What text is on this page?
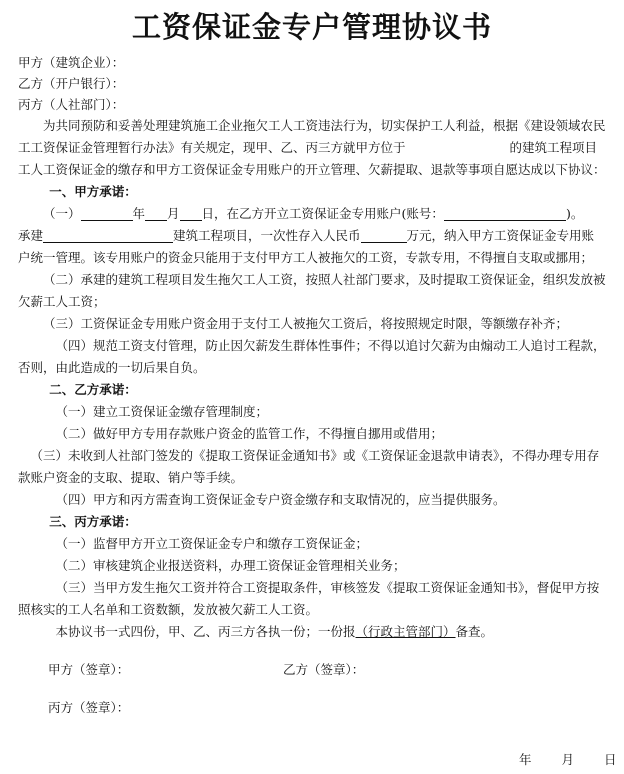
工资保证金专户管理协议书
甲方（建筑企业）：
乙方（开户银行）：
丙方（人社部门）：

为共同预防和妥善处理建筑施工企业拖欠工人工资违法行为，切实保护工人利益，根据《建设领域农民工工资保证金管理暂行办法》有关规定，现甲、乙、丙三方就甲方位于	的建筑工程项目工人工资保证金的缴存和甲方工资保证金专用账户的开立管理、欠薪提取、退款等事项自愿达成以下协议：

一、甲方承诺：

（一）	年 月 日，在乙方开立工资保证金专用账户(账号：	)。

承建	建筑工程项目，一次性存入人民币	万元，纳入甲方工资保证金专用账户统一管理。该专用账户的资金只能用于支付甲方工人被拖欠的工资，专款专用，不得擅自支取或挪用；

（二）承建的建筑工程项目发生拖欠工人工资，按照人社部门要求，及时提取工资保证金，组织发放被欠薪工人工资；

（三）工资保证金专用账户资金用于支付工人被拖欠工资后，将按照规定时限，等额缴存补齐；

（四）规范工资支付管理，防止因欠薪发生群体性事件；不得以追讨欠薪为由煽动工人追讨工程款，否则，由此造成的一切后果自负。

二、乙方承诺：

（一）建立工资保证金缴存管理制度；

（二）做好甲方专用存款账户资金的监管工作，不得擅自挪用或借用；

（三）未收到人社部门签发的《提取工资保证金通知书》或《工资保证金退款申请表》，不得办理专用存款账户资金的支取、提取、销户等手续。

（四）甲方和丙方需查询工资保证金专户资金缴存和支取情况的，应当提供服务。

三、丙方承诺：

（一）监督甲方开立工资保证金专户和缴存工资保证金；

（二）审核建筑企业报送资料，办理工资保证金管理相关业务；

（三）当甲方发生拖欠工资并符合工资提取条件，审核签发《提取工资保证金通知书》，督促甲方按照核实的工人名单和工资数额，发放被欠薪工人工资。

本协议书一式四份，甲、乙、丙三方各执一份；一份报（行政主管部门）备查。

甲方（签章）：	乙方（签章）：
丙方（签章）：
年 月 日
